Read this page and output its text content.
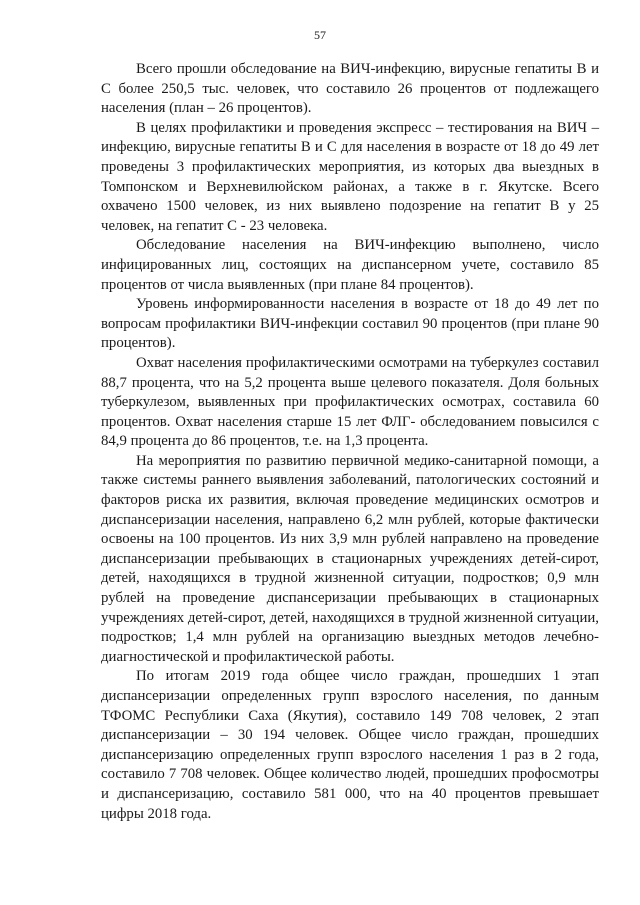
57

Всего прошли обследование на ВИЧ-инфекцию, вирусные гепатиты В и С более 250,5 тыс. человек, что составило 26 процентов от подлежащего населения (план – 26 процентов).

В целях профилактики и проведения экспресс – тестирования на ВИЧ – инфекцию, вирусные гепатиты В и С для населения в возрасте от 18 до 49 лет проведены 3 профилактических мероприятия, из которых два выездных в Томпонском и Верхневилюйском районах, а также в г. Якутске. Всего охвачено 1500 человек, из них выявлено подозрение на гепатит В у 25 человек, на гепатит С - 23 человека.

Обследование населения на ВИЧ-инфекцию выполнено, число инфицированных лиц, состоящих на диспансерном учете, составило 85 процентов от числа выявленных (при плане 84 процентов).

Уровень информированности населения в возрасте от 18 до 49 лет по вопросам профилактики ВИЧ-инфекции составил 90 процентов (при плане 90 процентов).

Охват населения профилактическими осмотрами на туберкулез составил 88,7 процента, что на 5,2 процента выше целевого показателя. Доля больных туберкулезом, выявленных при профилактических осмотрах, составила 60 процентов. Охват населения старше 15 лет ФЛГ- обследованием повысился с 84,9 процента до 86 процентов, т.е. на 1,3 процента.

На мероприятия по развитию первичной медико-санитарной помощи, а также системы раннего выявления заболеваний, патологических состояний и факторов риска их развития, включая проведение медицинских осмотров и диспансеризации населения, направлено 6,2 млн рублей, которые фактически освоены на 100 процентов. Из них 3,9 млн рублей направлено на проведение диспансеризации пребывающих в стационарных учреждениях детей-сирот, детей, находящихся в трудной жизненной ситуации, подростков; 0,9 млн рублей на проведение диспансеризации пребывающих в стационарных учреждениях детей-сирот, детей, находящихся в трудной жизненной ситуации, подростков; 1,4 млн рублей на организацию выездных методов лечебно-диагностической и профилактической работы.

По итогам 2019 года общее число граждан, прошедших 1 этап диспансеризации определенных групп взрослого населения, по данным ТФОМС Республики Саха (Якутия), составило 149 708 человек, 2 этап диспансеризации – 30 194 человек. Общее число граждан, прошедших диспансеризацию определенных групп взрослого населения 1 раз в 2 года, составило 7 708 человек. Общее количество людей, прошедших профосмотры и диспансеризацию, составило 581 000, что на 40 процентов превышает цифры 2018 года.
